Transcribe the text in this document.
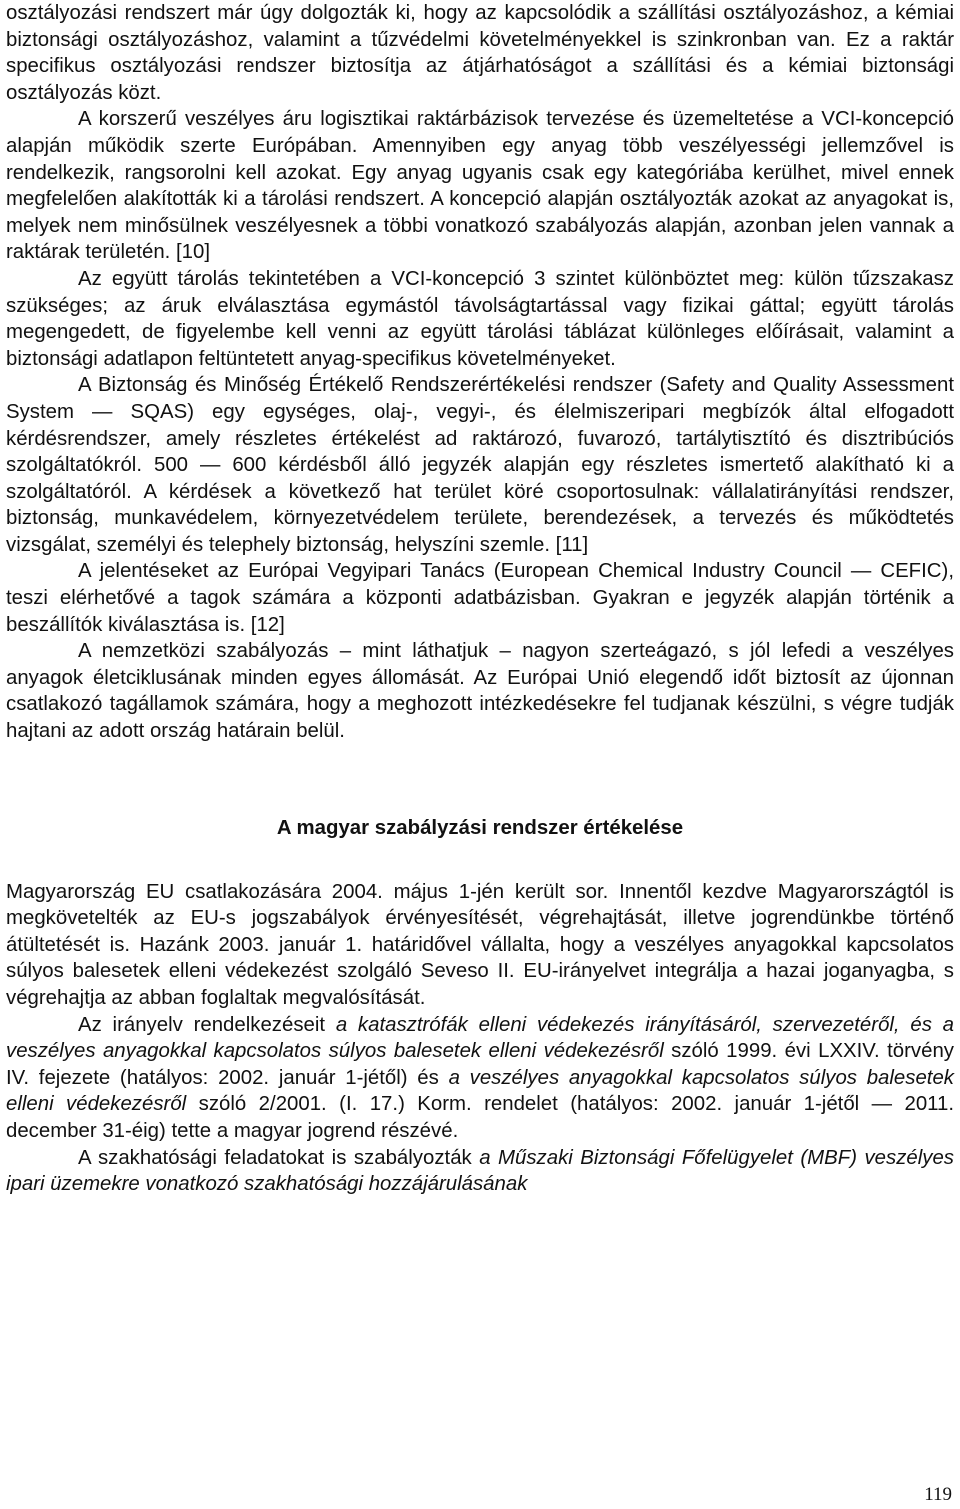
osztályozási rendszert már úgy dolgozták ki, hogy az kapcsolódik a szállítási osztályozáshoz, a kémiai biztonsági osztályozáshoz, valamint a tűzvédelmi követelményekkel is szinkronban van. Ez a raktár specifikus osztályozási rendszer biztosítja az átjárhatóságot a szállítási és a kémiai biztonsági osztályozás közt.

A korszerű veszélyes áru logisztikai raktárbázisok tervezése és üzemeltetése a VCI-koncepció alapján működik szerte Európában. Amennyiben egy anyag több veszélyességi jellemzővel is rendelkezik, rangsorolni kell azokat. Egy anyag ugyanis csak egy kategóriába kerülhet, mivel ennek megfelelően alakították ki a tárolási rendszert. A koncepció alapján osztályozták azokat az anyagokat is, melyek nem minősülnek veszélyesnek a többi vonatkozó szabályozás alapján, azonban jelen vannak a raktárak területén. [10]

Az együtt tárolás tekintetében a VCI-koncepció 3 szintet különböztet meg: külön tűzszakasz szükséges; az áruk elválasztása egymástól távolságtartással vagy fizikai gáttal; együtt tárolás megengedett, de figyelembe kell venni az együtt tárolási táblázat különleges előírásait, valamint a biztonsági adatlapon feltüntetett anyag-specifikus követelményeket.

A Biztonság és Minőség Értékelő Rendszerértékelési rendszer (Safety and Quality Assessment System — SQAS) egy egységes, olaj-, vegyi-, és élelmiszeripari megbízók által elfogadott kérdésrendszer, amely részletes értékelést ad raktározó, fuvarozó, tartálytisztító és disztribúciós szolgáltatókról. 500 — 600 kérdésből álló jegyzék alapján egy részletes ismertető alakítható ki a szolgáltatóról. A kérdések a következő hat terület köré csoportosulnak: vállalatirányítási rendszer, biztonság, munkavédelem, környezetvédelem területe, berendezések, a tervezés és működtetés vizsgálat, személyi és telephely biztonság, helyszíni szemle. [11]

A jelentéseket az Európai Vegyipari Tanács (European Chemical Industry Council — CEFIC), teszi elérhetővé a tagok számára a központi adatbázisban. Gyakran e jegyzék alapján történik a beszállítók kiválasztása is. [12]

A nemzetközi szabályozás – mint láthatjuk – nagyon szerteágazó, s jól lefedi a veszélyes anyagok életciklusának minden egyes állomását. Az Európai Unió elegendő időt biztosít az újonnan csatlakozó tagállamok számára, hogy a meghozott intézkedésekre fel tudjanak készülni, s végre tudják hajtani az adott ország határain belül.

A magyar szabályzási rendszer értékelése

Magyarország EU csatlakozására 2004. május 1-jén került sor. Innentől kezdve Magyarországtól is megkövetelték az EU-s jogszabályok érvényesítését, végrehajtását, illetve jogrendünkbe történő átültetését is. Hazánk 2003. január 1. határidővel vállalta, hogy a veszélyes anyagokkal kapcsolatos súlyos balesetek elleni védekezést szolgáló Seveso II. EU-irányelvet integrálja a hazai joganyagba, s végrehajtja az abban foglaltak megvalósítását.

Az irányelv rendelkezéseit a katasztrófák elleni védekezés irányításáról, szervezetéről, és a veszélyes anyagokkal kapcsolatos súlyos balesetek elleni védekezésről szóló 1999. évi LXXIV. törvény IV. fejezete (hatályos: 2002. január 1-jétől) és a veszélyes anyagokkal kapcsolatos súlyos balesetek elleni védekezésről szóló 2/2001. (I. 17.) Korm. rendelet (hatályos: 2002. január 1-jétől — 2011. december 31-éig) tette a magyar jogrend részévé.

A szakhatósági feladatokat is szabályozták a Műszaki Biztonsági Főfelügyelet (MBF) veszélyes ipari üzemekre vonatkozó szakhatósági hozzájárulásának

119
